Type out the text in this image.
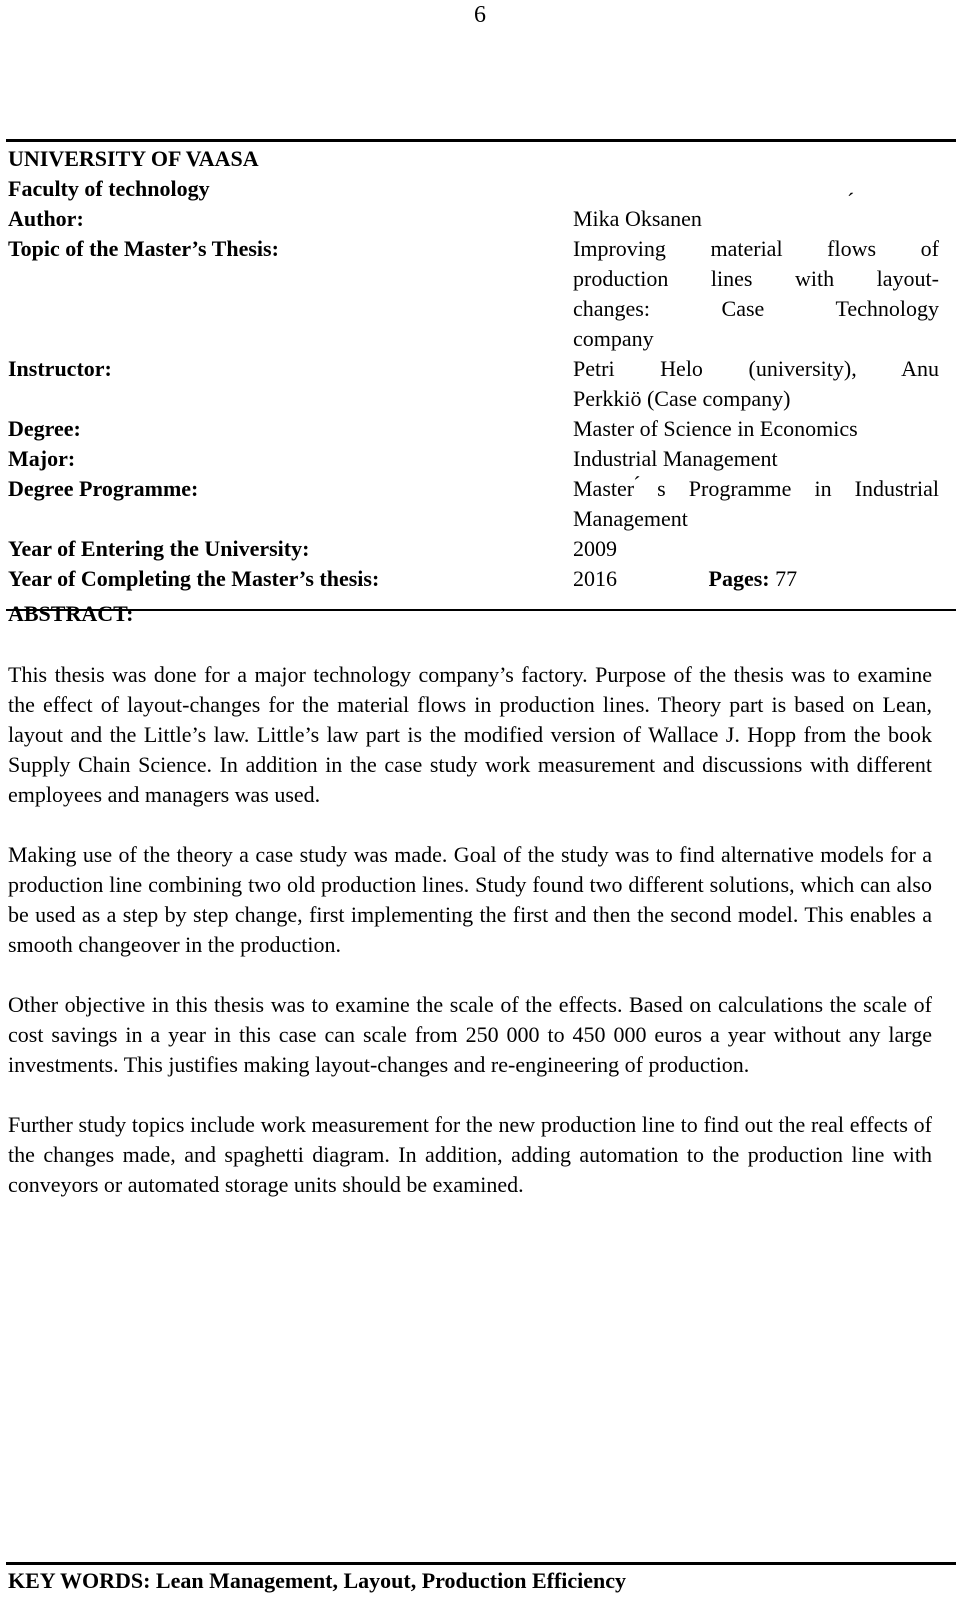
6
UNIVERSITY OF VAASA
Faculty of technology
Author:	Mika Oksanen
Topic of the Master’s Thesis:	Improving material flows of
production lines with layout-
changes: Case Technology
company
Instructor:	Petri Helo (university), Anu
Perkkiö (Case company)
Degree:	Master of Science in Economics
Major:	Industrial Management
Degree Programme:	Master ́s Programme in Industrial
Management
Year of Entering the University:	2009
Year of Completing the Master’s thesis:	2016	Pages: 77
´
ABSTRACT:

This thesis was done for a major technology company’s factory. Purpose of the thesis was to examine the effect of layout-changes for the material flows in production lines. Theory part is based on Lean, layout and the Little’s law. Little’s law part is the modified version of Wallace J. Hopp from the book Supply Chain Science. In addition in the case study work measurement and discussions with different employees and managers was used.

Making use of the theory a case study was made. Goal of the study was to find alternative models for a production line combining two old production lines. Study found two different solutions, which can also be used as a step by step change, first implementing the first and then the second model. This enables a smooth changeover in the production.

Other objective in this thesis was to examine the scale of the effects. Based on calculations the scale of cost savings in a year in this case can scale from 250 000 to 450 000 euros a year without any large investments. This justifies making layout-changes and re-engineering of production.

Further study topics include work measurement for the new production line to find out the real effects of the changes made, and spaghetti diagram. In addition, adding automation to the production line with conveyors or automated storage units should be examined.

KEY WORDS: Lean Management, Layout, Production Efficiency
